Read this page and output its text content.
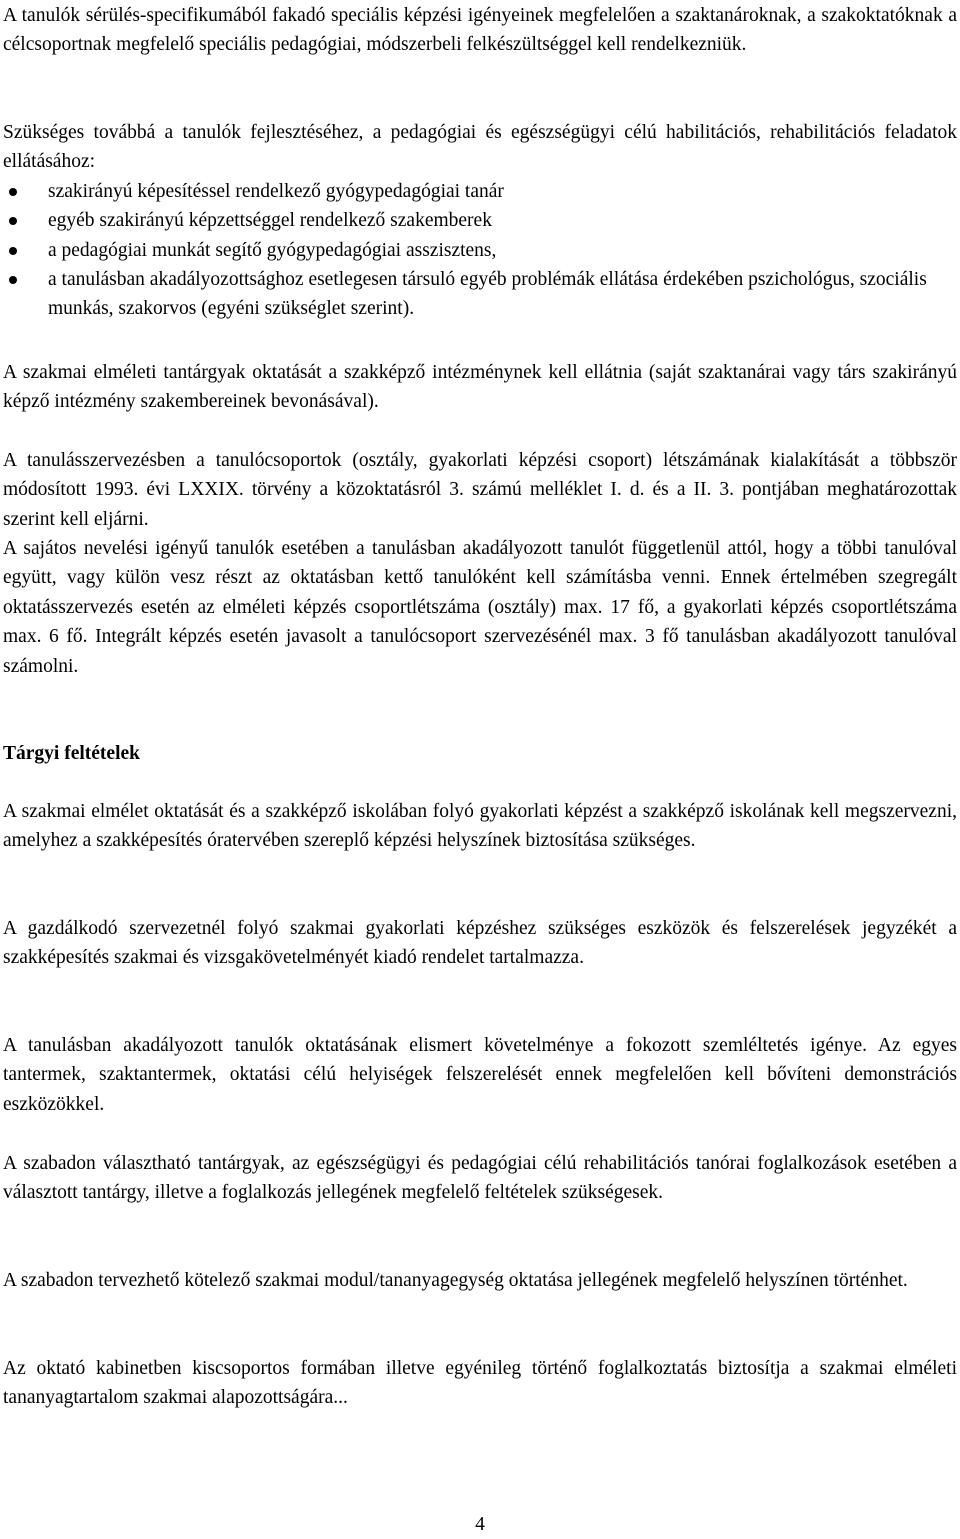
A tanulók sérülés-specifikumából fakadó speciális képzési igényeinek megfelelően a szaktanároknak, a szakoktatóknak a célcsoportnak megfelelő speciális pedagógiai, módszerbeli felkészültséggel kell rendelkezniük.

Szükséges továbbá a tanulók fejlesztéséhez, a pedagógiai és egészségügyi célú habilitációs, rehabilitációs feladatok ellátásához:

szakirányú képesítéssel rendelkező gyógypedagógiai tanár
egyéb szakirányú képzettséggel rendelkező szakemberek
a pedagógiai munkát segítő gyógypedagógiai asszisztens,
a tanulásban akadályozottsághoz esetlegesen társuló egyéb problémák ellátása érdekében pszichológus, szociális munkás, szakorvos (egyéni szükséglet szerint).

A szakmai elméleti tantárgyak oktatását a szakképző intézménynek kell ellátnia (saját szaktanárai vagy társ szakirányú képző intézmény szakembereinek bevonásával).

A tanulásszervezésben a tanulócsoportok (osztály, gyakorlati képzési csoport) létszámának kialakítását a többször módosított 1993. évi LXXIX. törvény a közoktatásról 3. számú melléklet I. d. és a II. 3. pontjában meghatározottak szerint kell eljárni.

A sajátos nevelési igényű tanulók esetében a tanulásban akadályozott tanulót függetlenül attól, hogy a többi tanulóval együtt, vagy külön vesz részt az oktatásban kettő tanulóként kell számításba venni. Ennek értelmében szegregált oktatásszervezés esetén az elméleti képzés csoportlétszáma (osztály) max. 17 fő, a gyakorlati képzés csoportlétszáma max. 6 fő. Integrált képzés esetén javasolt a tanulócsoport szervezésénél max. 3 fő tanulásban akadályozott tanulóval számolni.

Tárgyi feltételek

A szakmai elmélet oktatását és a szakképző iskolában folyó gyakorlati képzést a szakképző iskolának kell megszervezni, amelyhez a szakképesítés óratervében szereplő képzési helyszínek biztosítása szükséges.

A gazdálkodó szervezetnél folyó szakmai gyakorlati képzéshez szükséges eszközök és felszerelések jegyzékét a szakképesítés szakmai és vizsgakövetelményét kiadó rendelet tartalmazza.

A tanulásban akadályozott tanulók oktatásának elismert követelménye a fokozott szemléltetés igénye. Az egyes tantermek, szaktantermek, oktatási célú helyiségek felszerelését ennek megfelelően kell bővíteni demonstrációs eszközökkel.

A szabadon választható tantárgyak, az egészségügyi és pedagógiai célú rehabilitációs tanórai foglalkozások esetében a választott tantárgy, illetve a foglalkozás jellegének megfelelő feltételek szükségesek.

A szabadon tervezhető kötelező szakmai modul/tananyagegység oktatása jellegének megfelelő helyszínen történhet.

Az oktató kabinetben kiscsoportos formában illetve egyénileg történő foglalkoztatás biztosítja a szakmai elméleti tananyagtartalom szakmai alapozottságára...

4
